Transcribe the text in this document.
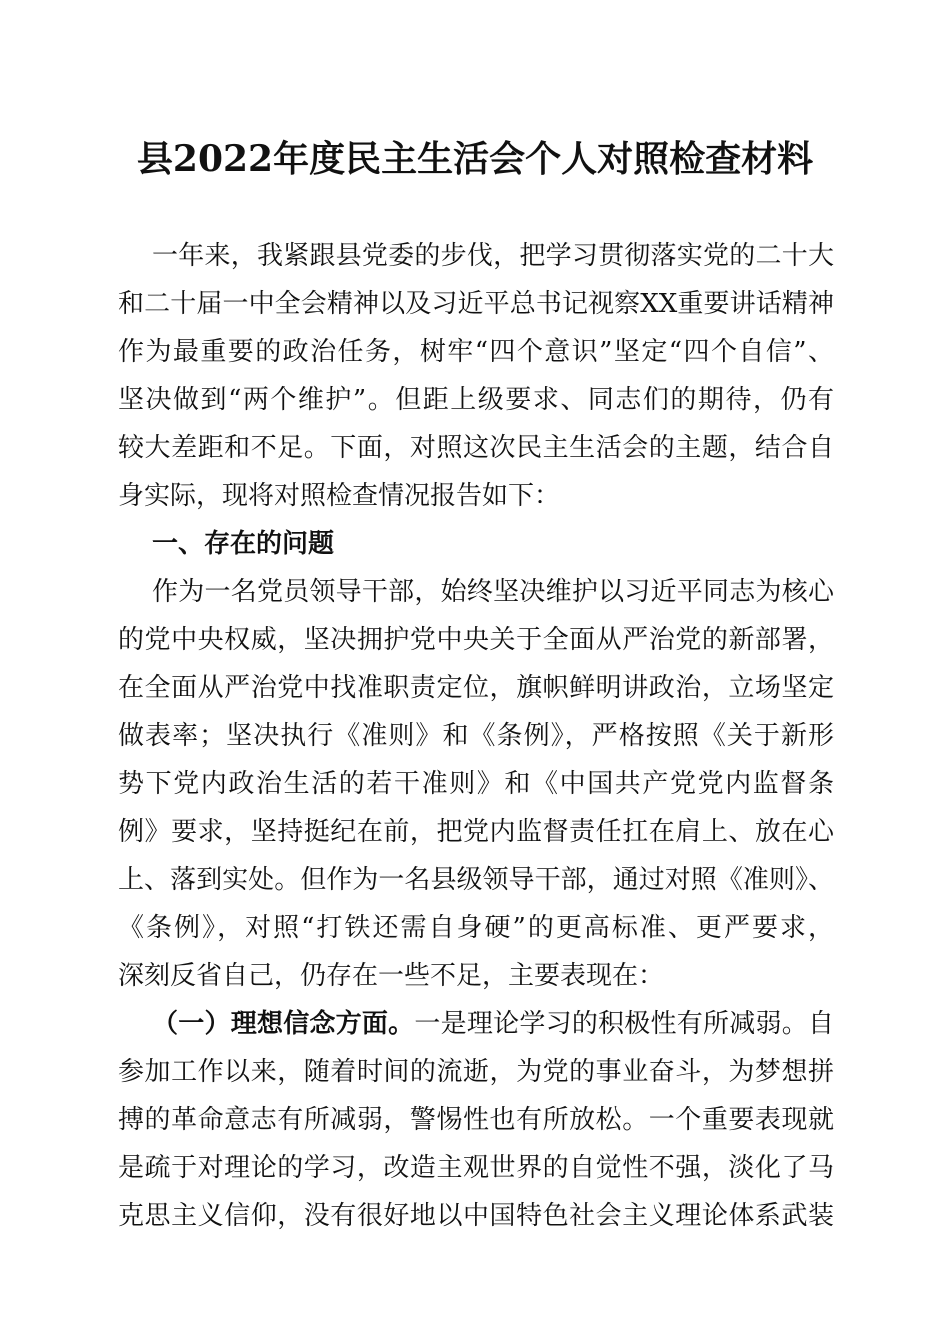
县2022年度民主生活会个人对照检查材料
一年来，我紧跟县党委的步伐，把学习贯彻落实党的二十大
和二十届一中全会精神以及习近平总书记视察XX重要讲话精神
作为最重要的政治任务，树牢“四个意识”坚定“四个自信”、
坚决做到“两个维护”。但距上级要求、同志们的期待，仍有
较大差距和不足。下面，对照这次民主生活会的主题，结合自
身实际，现将对照检查情况报告如下：
一、存在的问题
作为一名党员领导干部，始终坚决维护以习近平同志为核心
的党中央权威，坚决拥护党中央关于全面从严治党的新部署，
在全面从严治党中找准职责定位，旗帜鲜明讲政治，立场坚定
做表率；坚决执行《准则》和《条例》，严格按照《关于新形
势下党内政治生活的若干准则》和《中国共产党党内监督条
例》要求，坚持挺纪在前，把党内监督责任扛在肩上、放在心
上、落到实处。但作为一名县级领导干部，通过对照《准则》、
《条例》，对照“打铁还需自身硬”的更高标准、更严要求，
深刻反省自己，仍存在一些不足，主要表现在：
（一）理想信念方面。一是理论学习的积极性有所减弱。自
参加工作以来，随着时间的流逝，为党的事业奋斗，为梦想拼
搏的革命意志有所减弱，警惕性也有所放松。一个重要表现就
是疏于对理论的学习，改造主观世界的自觉性不强，淡化了马
克思主义信仰，没有很好地以中国特色社会主义理论体系武装
